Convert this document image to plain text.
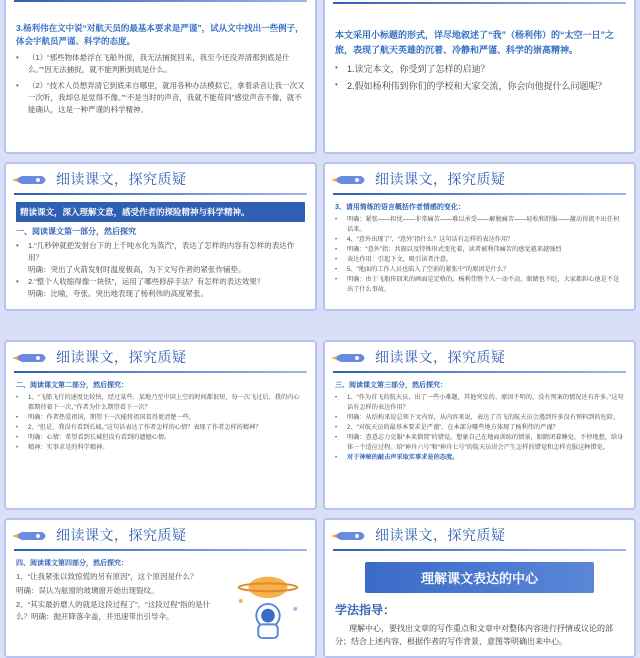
3.杨利伟在文中说“对航天员的最基本要求是严谨”，试从文中找出一些例子，体会宇航员严谨、科学的态度。
•	（1）“那些物体悬浮在飞船外面，我无法捕捉回来，我至今还没弄清那到底是什么。”“因无法捕捉，就不能判断到底是什么。
•	（2）“技术人员想弄清它到底来自哪里，就用各种办法模拟它，拿着录音让我一次又一次听，我却总是觉得不像。”“不是当时的声音，我就不能苟同”感觉声音不像，就不能确认，这是一种严谨的科学精神。
本文采用小标题的形式，详尽地叙述了“我”（杨利伟）的“太空一日”之旅，表现了航天英雄的沉着、冷静和严谨、科学的崇高精神。
•	1.读完本文，你受到了怎样的启迪？
•	2.假如杨利伟到你们的学校和大家交流，你会向他提什么问题呢？
细读课文，探究质疑
精读课文，深入理解文意，感受作者的探险精神与科学精神。
一、阅读课文第一部分，然后探究
•	1.“几秒钟就把发射台下的上千吨水化为蒸汽”，表达了怎样的内容有怎样的表达作用？
明确：突出了火箭发射时温度极高，为下文写作者的紧张作铺垫。
•	2.“整个人收缩得像一块铁”，运用了哪些修辞手法？有怎样的表达效果？
明确：比喻，夸张。突出地表现了杨利伟的高度紧张。
细读课文，探究质疑
3、请用简练的语言概括作者情感的变化：
•	明确：紧张——担忧——非常痛苦——难以承受——解脱痛苦——轻松和舒服——激动得流不出任何话来。
•	4、“意外出现了”，“意外”指什么？这句话有怎样的表达作用？
•	明确：“意外”指：共振以及特殊形式变化着，读者被利伟痛苦的感觉越来越强烈
•	表达作用：引起下文，吸引读者注意。
•	5、“地面的工作人员也陷入了空前的紧张中”的原因是什么？
•	明确：由于飞船传回来的画面是定格的，杨利伟整个人一动不动，眼睛也不眨，大家都担心他是不是出了什么事故。
细读课文，探究质疑
二、阅读课文第二部分，然后探究：
•	1、“飞船飞行的速度比较快，经过某些、某地乃至中国上空的时间都很短，每一次飞过后，我的内心都期待着下一次，”作者为什么期望看下一次？
•	明确：作者热爱祖国，期望下一次能将祖国看得更清楚一些。
•	2、“但是，我没有看到长城。”这句话表达了作者怎样的心情？表现了作者怎样的精神？
•	明确：心情：希望看到长城但没有看到的遗憾心情。
•	精神：实事求是的科学精神。
细读课文，探究质疑
三、阅读课文第三部分，然后探究：
•	1、“作为首飞的航天员，出了一些小难题，其他突发的、原因不明的、没有预案的情况还有许多。”这句话有怎样的表达作用？
•	明确：从结构来说总领下文内容，从内容来说，表达了首飞的航天员会遇到许多没有预料到的危险。
•	2、“对航天员的最基本要求是严谨”，在本部分哪些地方体现了杨利伟的严谨？
•	明确：查意志力克服“本来倒置”的错觉。想象自己在地面训练的情景，眼睛闭着睡觉，不停地想，给身体一个适应过程。给“神舟六号”和“神舟七号”的航天员讲会产生怎样的错觉和怎样克服这种错觉。
•	对于神秘的敲击声采取实事求是的态度。
细读课文，探究质疑
四、阅读课文第四部分，然后探究：
1、“让我紧张以致惊慌的另有原因”，这个原因是什么？
明确：误认为舷窗的玻璃窗开始出现裂纹。
2、“其实最折磨人的就是这段过程了”，“这段过程”指的是什么？明确：抛开降落伞盖，并迅速带出引导伞。
细读课文，探究质疑
理解课文表达的中心
学法指导：
理解中心，要找出文章的写作重点和文章中对整体内容进行抒情或议论的部分；结合上述内容，根据作者的写作背景，意图等明确出来中心。
